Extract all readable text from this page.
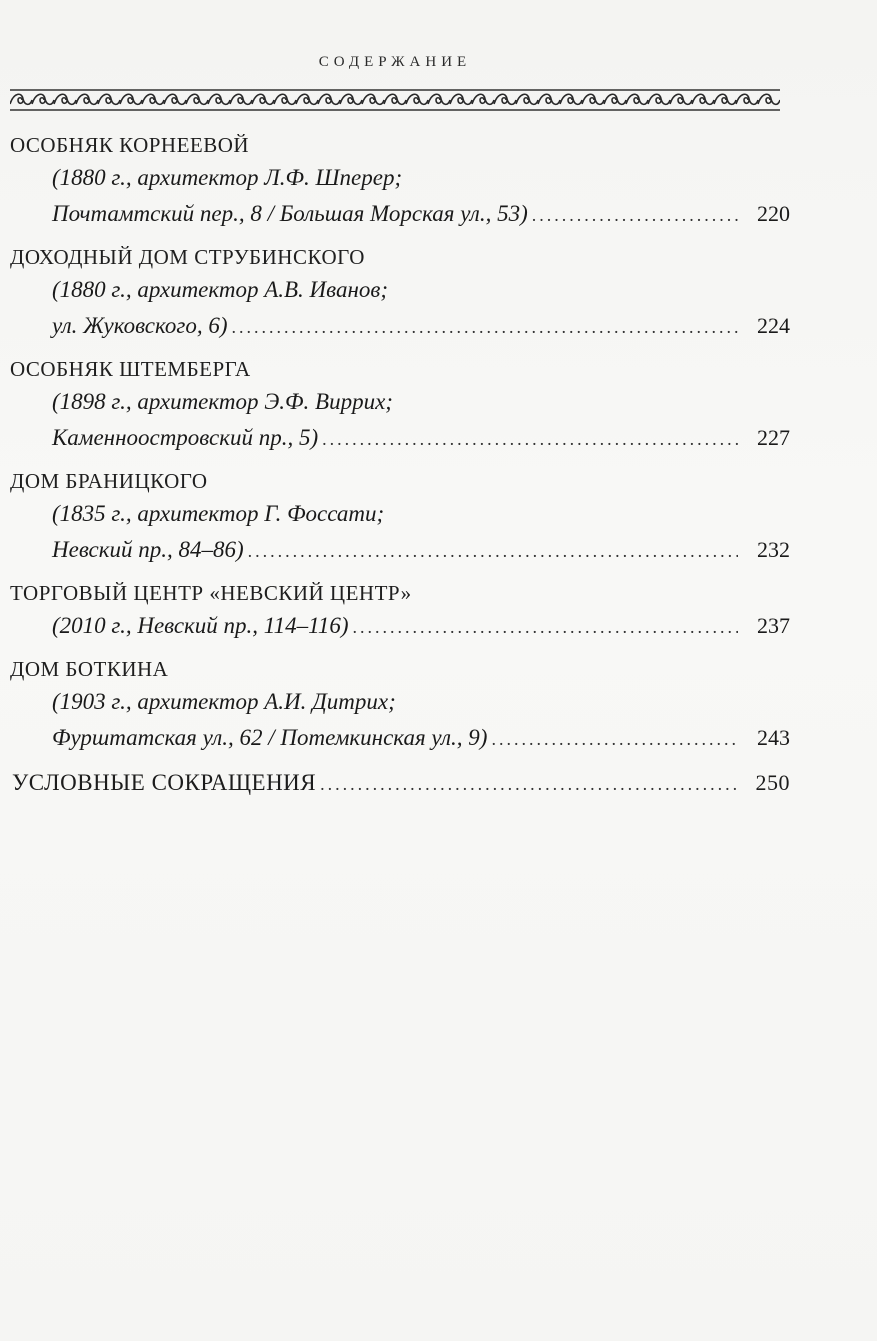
СОДЕРЖАНИЕ
ОСОБНЯК КОРНЕЕВОЙ
(1880 г., архитектор Л.Ф. Шперер;
Почтамтский пер., 8 / Большая Морская ул., 53) .....	220
ДОХОДНЫЙ ДОМ СТРУБИНСКОГО
(1880 г., архитектор А.В. Иванов;
ул. Жуковского, 6) .....	224
ОСОБНЯК ШТЕМБЕРГА
(1898 г., архитектор Э.Ф. Виррих;
Каменноостровский пр., 5) .....	227
ДОМ БРАНИЦКОГО
(1835 г., архитектор Г. Фоссати;
Невский пр., 84–86) .....	232
ТОРГОВЫЙ ЦЕНТР «НЕВСКИЙ ЦЕНТР»
(2010 г., Невский пр., 114–116) .....	237
ДОМ БОТКИНА
(1903 г., архитектор А.И. Дитрих;
Фурштатская ул., 62 / Потемкинская ул., 9) .....	243
УСЛОВНЫЕ СОКРАЩЕНИЯ .....	250
